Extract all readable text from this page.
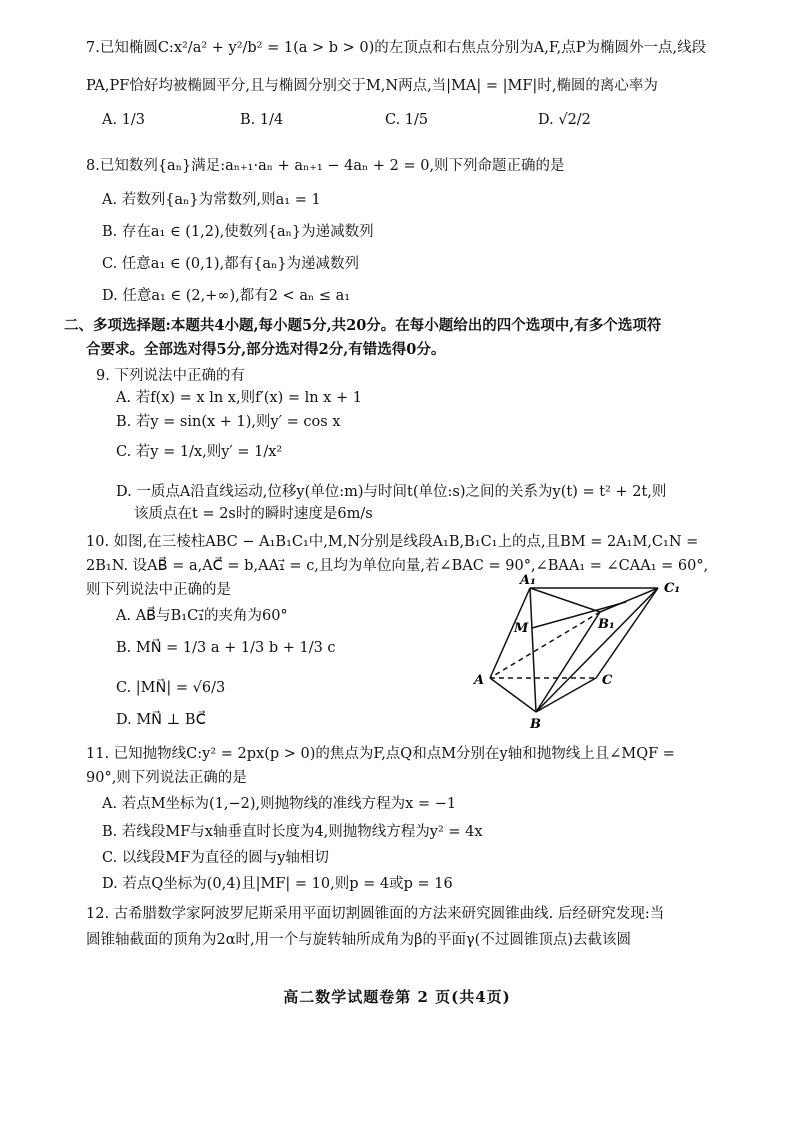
7.已知椭圆C:x²/a² + y²/b² = 1(a > b > 0)的左顶点和右焦点分别为A,F,点P为椭圆外一点,线段
PA,PF恰好均被椭圆平分,且与椭圆分别交于M,N两点,当|MA| = |MF|时,椭圆的离心率为
A. 1/3	B. 1/4	C. 1/5	D. √2/2
8.已知数列{aₙ}满足:aₙ₊₁·aₙ + aₙ₊₁ − 4aₙ + 2 = 0,则下列命题正确的是
A. 若数列{aₙ}为常数列,则a₁ = 1
B. 存在a₁ ∈ (1,2),使数列{aₙ}为递减数列
C. 任意a₁ ∈ (0,1),都有{aₙ}为递减数列
D. 任意a₁ ∈ (2,+∞),都有2 < aₙ ≤ a₁
二、多项选择题:本题共4小题,每小题5分,共20分。在每小题给出的四个选项中,有多个选项符
合要求。全部选对得5分,部分选对得2分,有错选得0分。
9. 下列说法中正确的有
A. 若f(x) = x ln x,则f′(x) = ln x + 1
B. 若y = sin(x + 1),则y′ = cos x
C. 若y = 1/x,则y′ = 1/x²
D. 一质点A沿直线运动,位移y(单位:m)与时间t(单位:s)之间的关系为y(t) = t² + 2t,则
该质点在t = 2s时的瞬时速度是6m/s
10. 如图,在三棱柱ABC − A₁B₁C₁中,M,N分别是线段A₁B,B₁C₁上的点,且BM = 2A₁M,C₁N =
2B₁N. 设AB⃗ = a,AC⃗ = b,AA₁⃗ = c,且均为单位向量,若∠BAC = 90°,∠BAA₁ = ∠CAA₁ = 60°,
则下列说法中正确的是
A. AB⃗与B₁C₁⃗的夹角为60°
B. MN⃗ = 1/3 a + 1/3 b + 1/3 c
C. |MN⃗| = √6/3
D. MN⃗ ⊥ BC⃗
A₁
C₁
M	B₁
A	C
B
11. 已知抛物线C:y² = 2px(p > 0)的焦点为F,点Q和点M分别在y轴和抛物线上且∠MQF =
90°,则下列说法正确的是
A. 若点M坐标为(1,−2),则抛物线的准线方程为x = −1
B. 若线段MF与x轴垂直时长度为4,则抛物线方程为y² = 4x
C. 以线段MF为直径的圆与y轴相切
D. 若点Q坐标为(0,4)且|MF| = 10,则p = 4或p = 16
12. 古希腊数学家阿波罗尼斯采用平面切割圆锥面的方法来研究圆锥曲线. 后经研究发现:当
圆锥轴截面的顶角为2α时,用一个与旋转轴所成角为β的平面γ(不过圆锥顶点)去截该圆
高二数学试题卷第 2 页(共4页)
